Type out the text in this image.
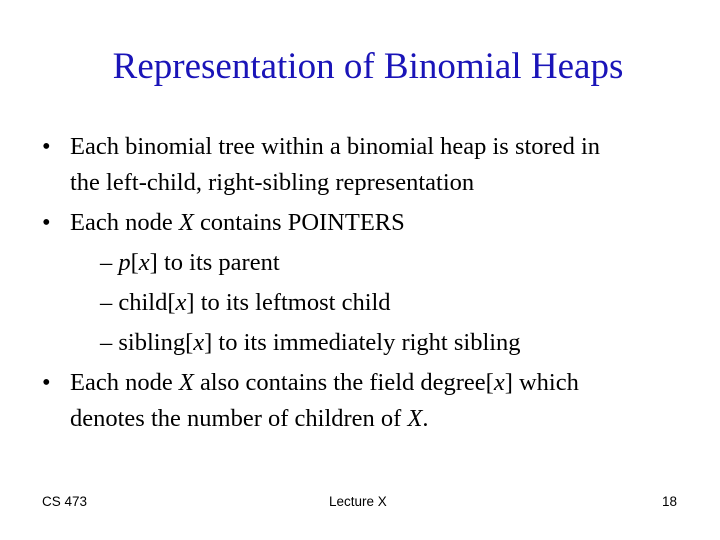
Representation of Binomial Heaps
• Each binomial tree within a binomial heap is stored in
the left-child, right-sibling representation
• Each node X contains POINTERS
– p[x] to its parent
– child[x] to its leftmost child
– sibling[x] to its immediately right sibling
• Each node X also contains the field degree[x] which
denotes the number of children of X.
CS 473	Lecture X	18
